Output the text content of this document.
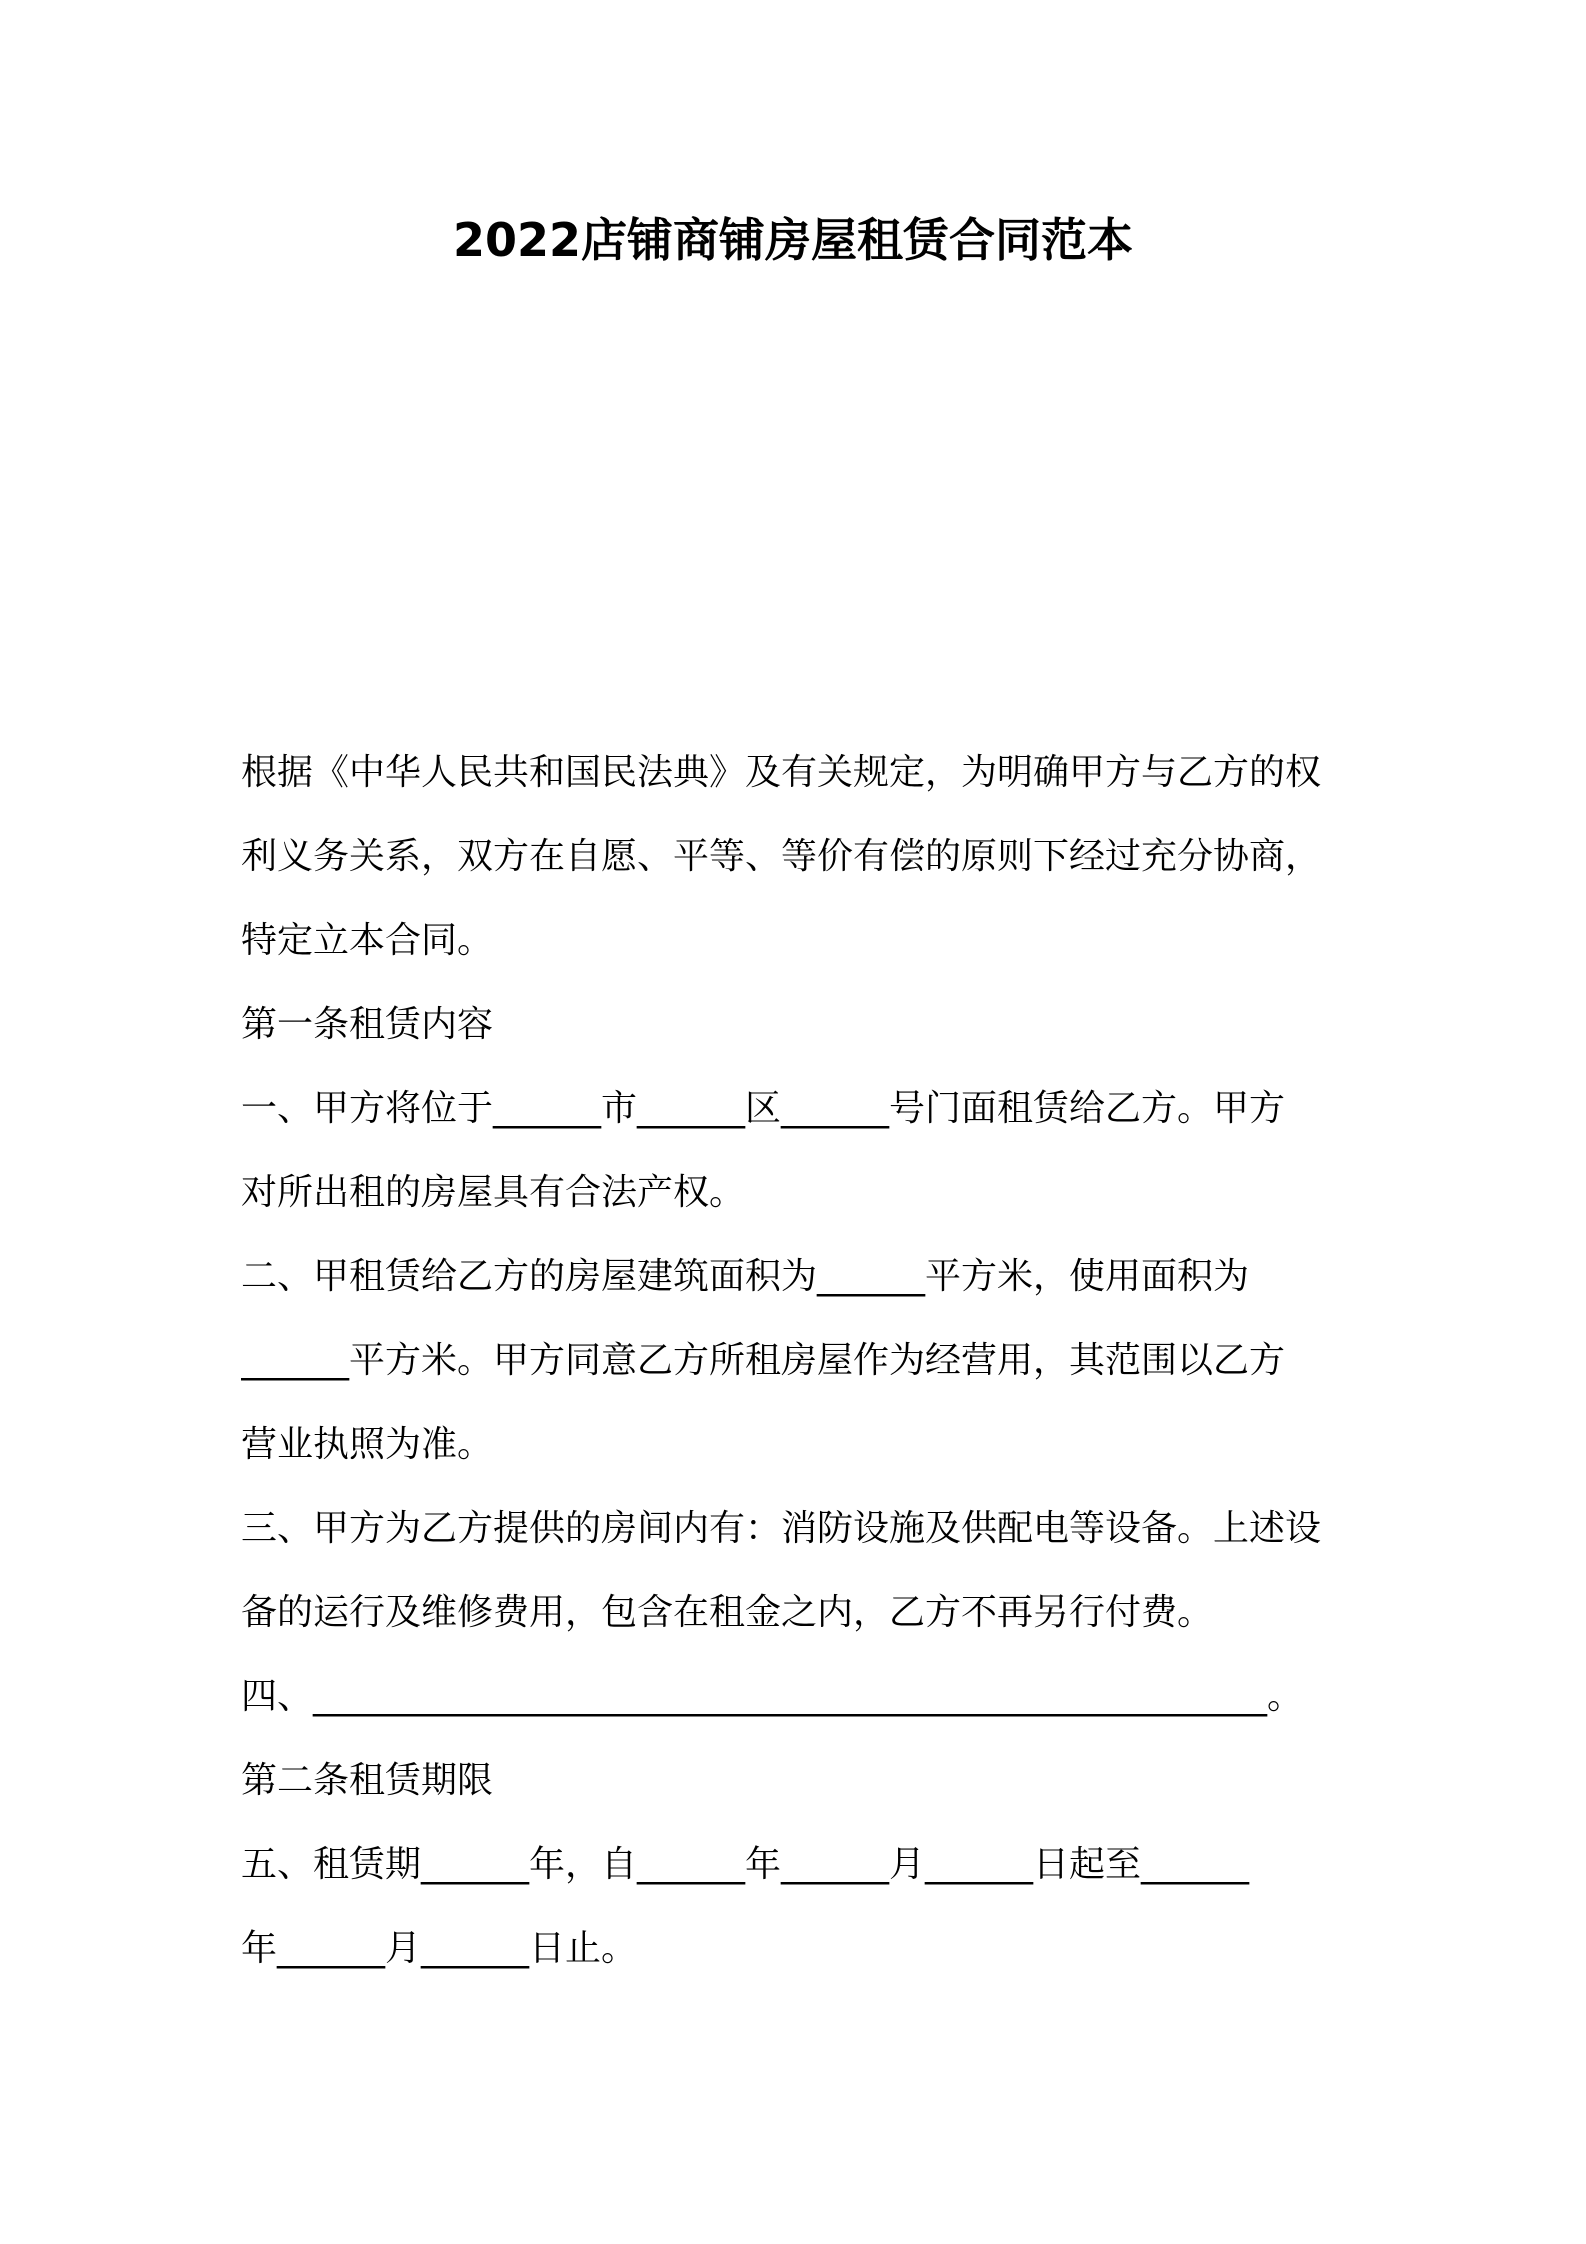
2022店铺商铺房屋租赁合同范本
根据《中华人民共和国民法典》及有关规定，为明确甲方与乙方的权
利义务关系，双方在自愿、平等、等价有偿的原则下经过充分协商，
特定立本合同。
第一条租赁内容
一、甲方将位于______市______区______号门面租赁给乙方。甲方
对所出租的房屋具有合法产权。
二、甲租赁给乙方的房屋建筑面积为______平方米，使用面积为
______平方米。甲方同意乙方所租房屋作为经营用，其范围以乙方
营业执照为准。
三、甲方为乙方提供的房间内有：消防设施及供配电等设备。上述设
备的运行及维修费用，包含在租金之内，乙方不再另行付费。
四、_____________________________________________________。
第二条租赁期限
五、租赁期______年，自______年______月______日起至______
年______月______日止。
